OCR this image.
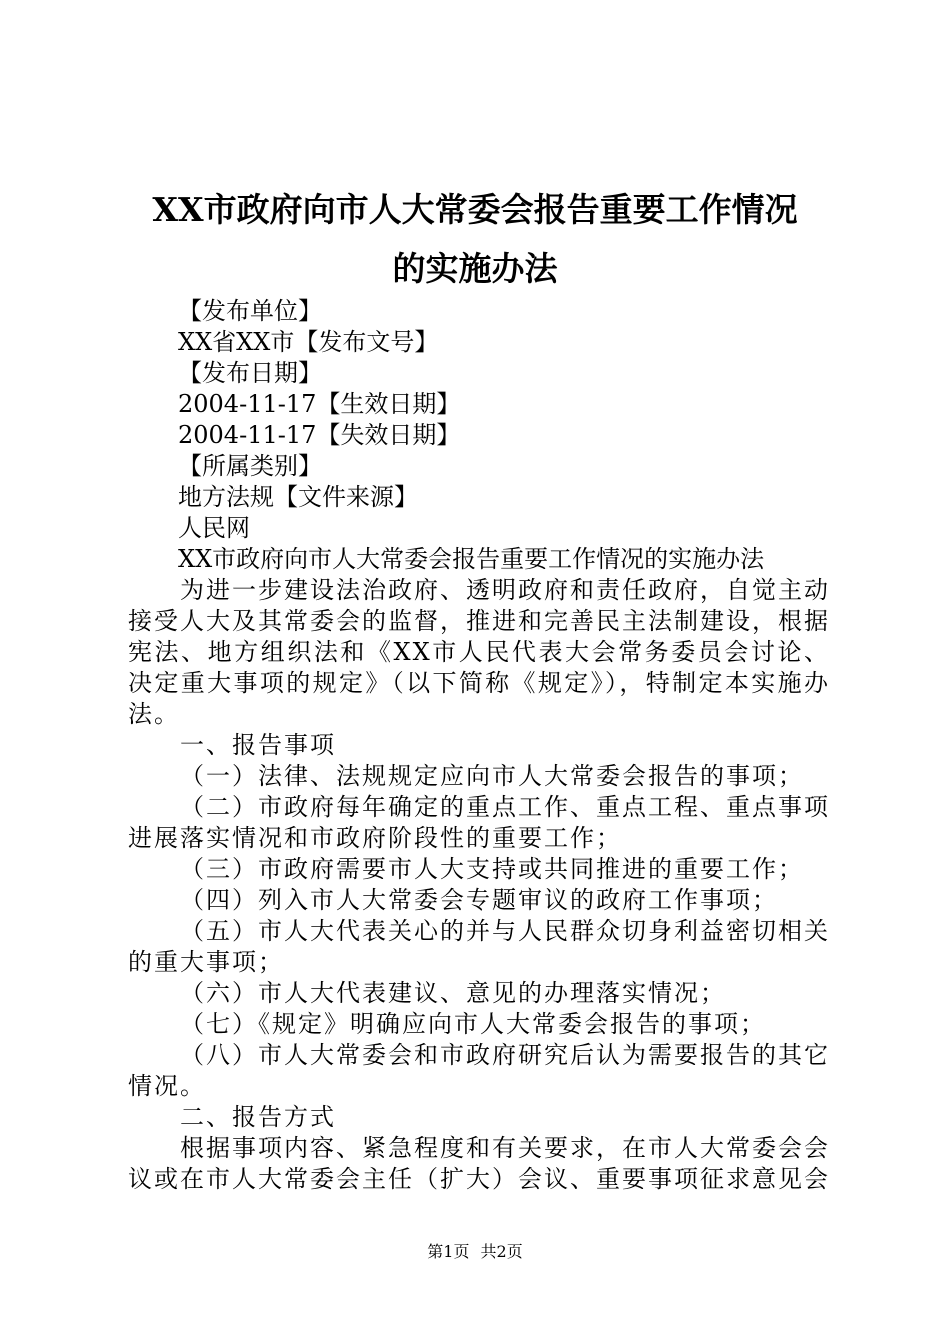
XX市政府向市人大常委会报告重要工作情况
的实施办法

【发布单位】

XX省XX市【发布文号】

【发布日期】

2004-11-17【生效日期】

2004-11-17【失效日期】

【所属类别】

地方法规【文件来源】

人民网

XX市政府向市人大常委会报告重要工作情况的实施办法

为进一步建设法治政府、透明政府和责任政府，自觉主动接受人大及其常委会的监督，推进和完善民主法制建设，根据宪法、地方组织法和《XX市人民代表大会常务委员会讨论、决定重大事项的规定》（以下简称《规定》），特制定本实施办法。

一、报告事项

（一）法律、法规规定应向市人大常委会报告的事项；

（二）市政府每年确定的重点工作、重点工程、重点事项进展落实情况和市政府阶段性的重要工作；

（三）市政府需要市人大支持或共同推进的重要工作；

（四）列入市人大常委会专题审议的政府工作事项；

（五）市人大代表关心的并与人民群众切身利益密切相关的重大事项；

（六）市人大代表建议、意见的办理落实情况；

（七）《规定》明确应向市人大常委会报告的事项；

（八）市人大常委会和市政府研究后认为需要报告的其它情况。

二、报告方式

根据事项内容、紧急程度和有关要求，在市人大常委会会议或在市人大常委会主任（扩大）会议、重要事项征求意见会

第1页 共2页
